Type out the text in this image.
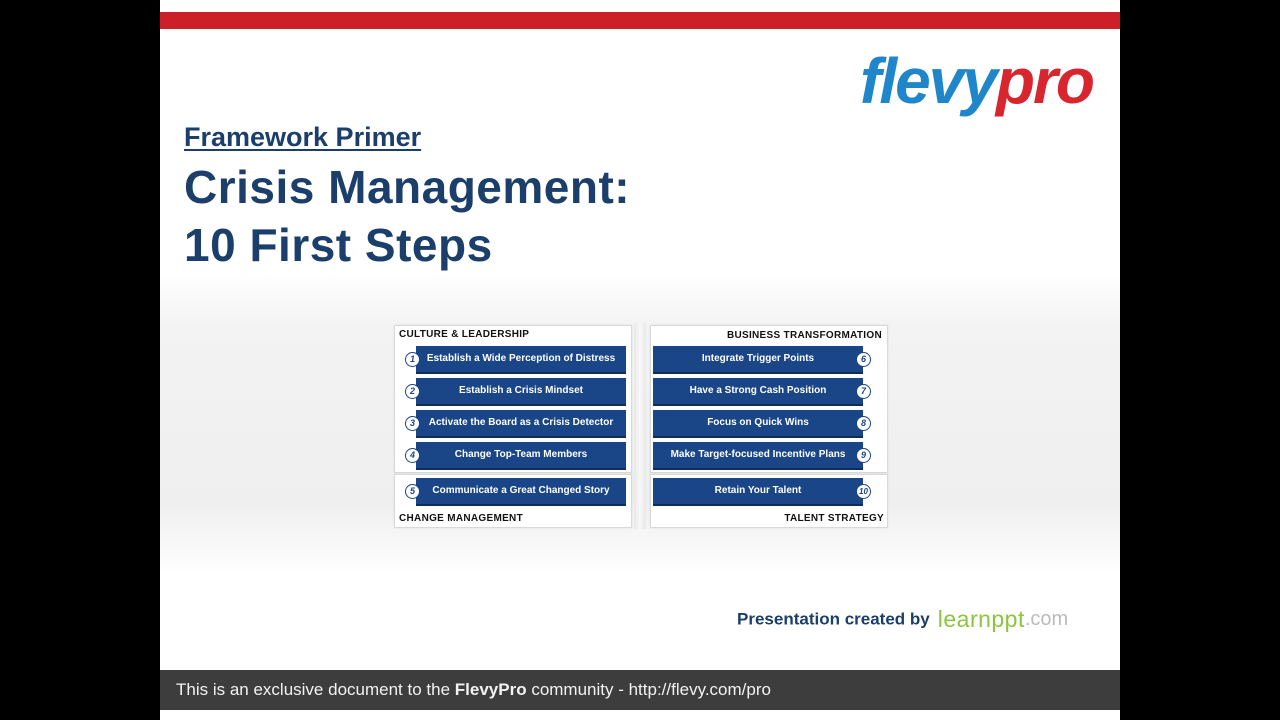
flevypro
Framework Primer
Crisis Management:
10 First Steps
CULTURE & LEADERSHIP	BUSINESS TRANSFORMATION
CHANGE MANAGEMENT	TALENT STRATEGY
Establish a Wide Perception of Distress
Establish a Crisis Mindset
Activate the Board as a Crisis Detector
Change Top-Team Members
Communicate a Great Changed Story
Integrate Trigger Points
Have a Strong Cash Position
Focus on Quick Wins
Make Target-focused Incentive Plans
Retain Your Talent
1
2
3
4
5
6
7
8
9
10
Presentation created by learnppt.com
This is an exclusive document to the FlevyPro community - http://flevy.com/pro
